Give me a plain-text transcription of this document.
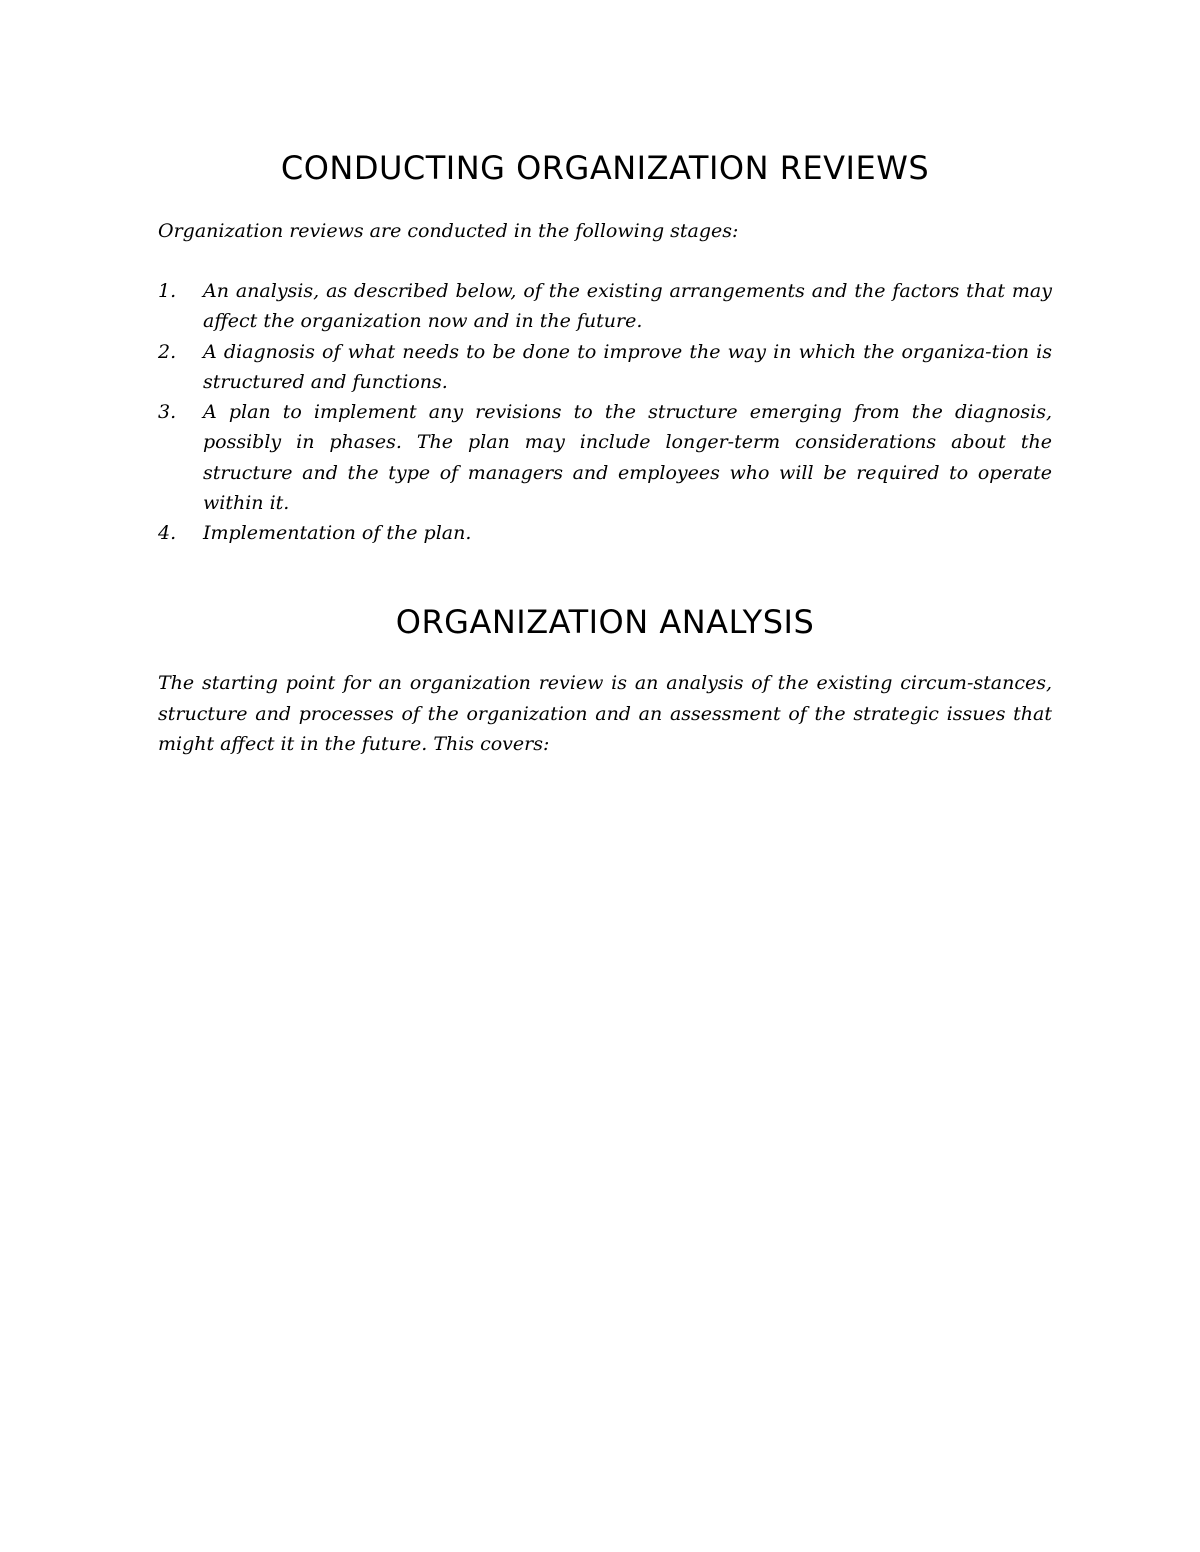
CONDUCTING ORGANIZATION REVIEWS

Organization reviews are conducted in the following stages:

1. An analysis, as described below, of the existing arrangements and the factors that may affect the organization now and in the future.
2. A diagnosis of what needs to be done to improve the way in which the organiza-tion is structured and functions.
3. A plan to implement any revisions to the structure emerging from the diagnosis, possibly in phases. The plan may include longer-term considerations about the structure and the type of managers and employees who will be required to operate within it.
4. Implementation of the plan.
ORGANIZATION ANALYSIS

The starting point for an organization review is an analysis of the existing circum-stances, structure and processes of the organization and an assessment of the strategic issues that might affect it in the future. This covers:
